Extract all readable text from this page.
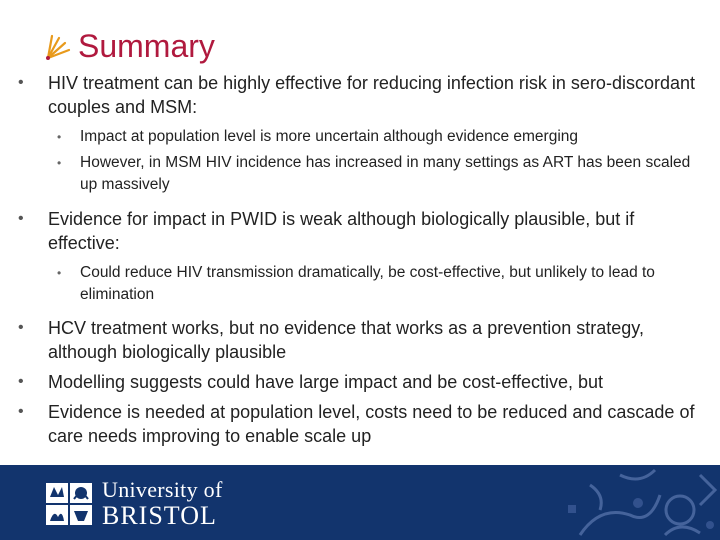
Summary
• HIV treatment can be highly effective for reducing infection risk in sero-discordant couples and MSM:
• Impact at population level is more uncertain although evidence emerging
• However, in MSM HIV incidence has increased in many settings as ART has been scaled up massively
• Evidence for impact in PWID is weak although biologically plausible, but if effective:
• Could reduce HIV transmission dramatically, be cost-effective, but unlikely to lead to elimination
• HCV treatment works, but no evidence that works as a prevention strategy, although biologically plausible
• Modelling suggests could have large impact and be cost-effective, but
• Evidence is needed at population level, costs need to be reduced and cascade of care needs improving to enable scale up
University of
BRISTOL
